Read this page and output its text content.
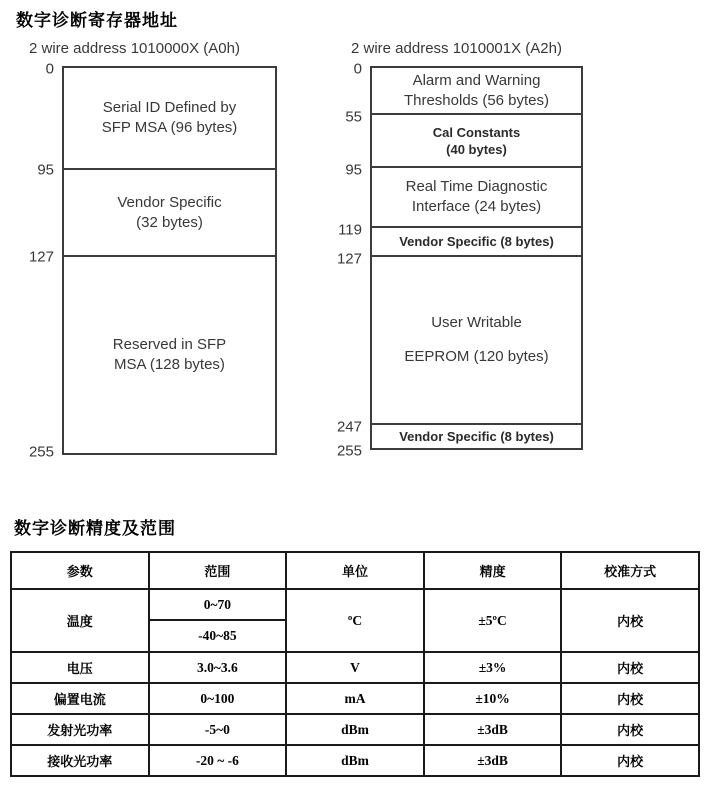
数字诊断寄存器地址
2 wire address 1010000X (A0h)
Serial ID Defined by
SFP MSA (96 bytes)
Vendor Specific
(32 bytes)
Reserved in SFP
MSA (128 bytes)
0
95
127
255
2 wire address 1010001X (A2h)
Alarm and Warning
Thresholds (56 bytes)
Cal Constants
(40 bytes)
Real Time Diagnostic
Interface (24 bytes)
Vendor Specific (8 bytes)
User Writable
EEPROM (120 bytes)
Vendor Specific (8 bytes)
0
55
95
119
127
247
255
数字诊断精度及范围
参数	范围	单位	精度	校准方式
温度	0~70	ºC	±5ºC	内校
	-40~85			
电压	3.0~3.6	V	±3%	内校
偏置电流	0~100	mA	±10%	内校
发射光功率	-5~0	dBm	±3dB	内校
接收光功率	-20 ~ -6	dBm	±3dB	内校
